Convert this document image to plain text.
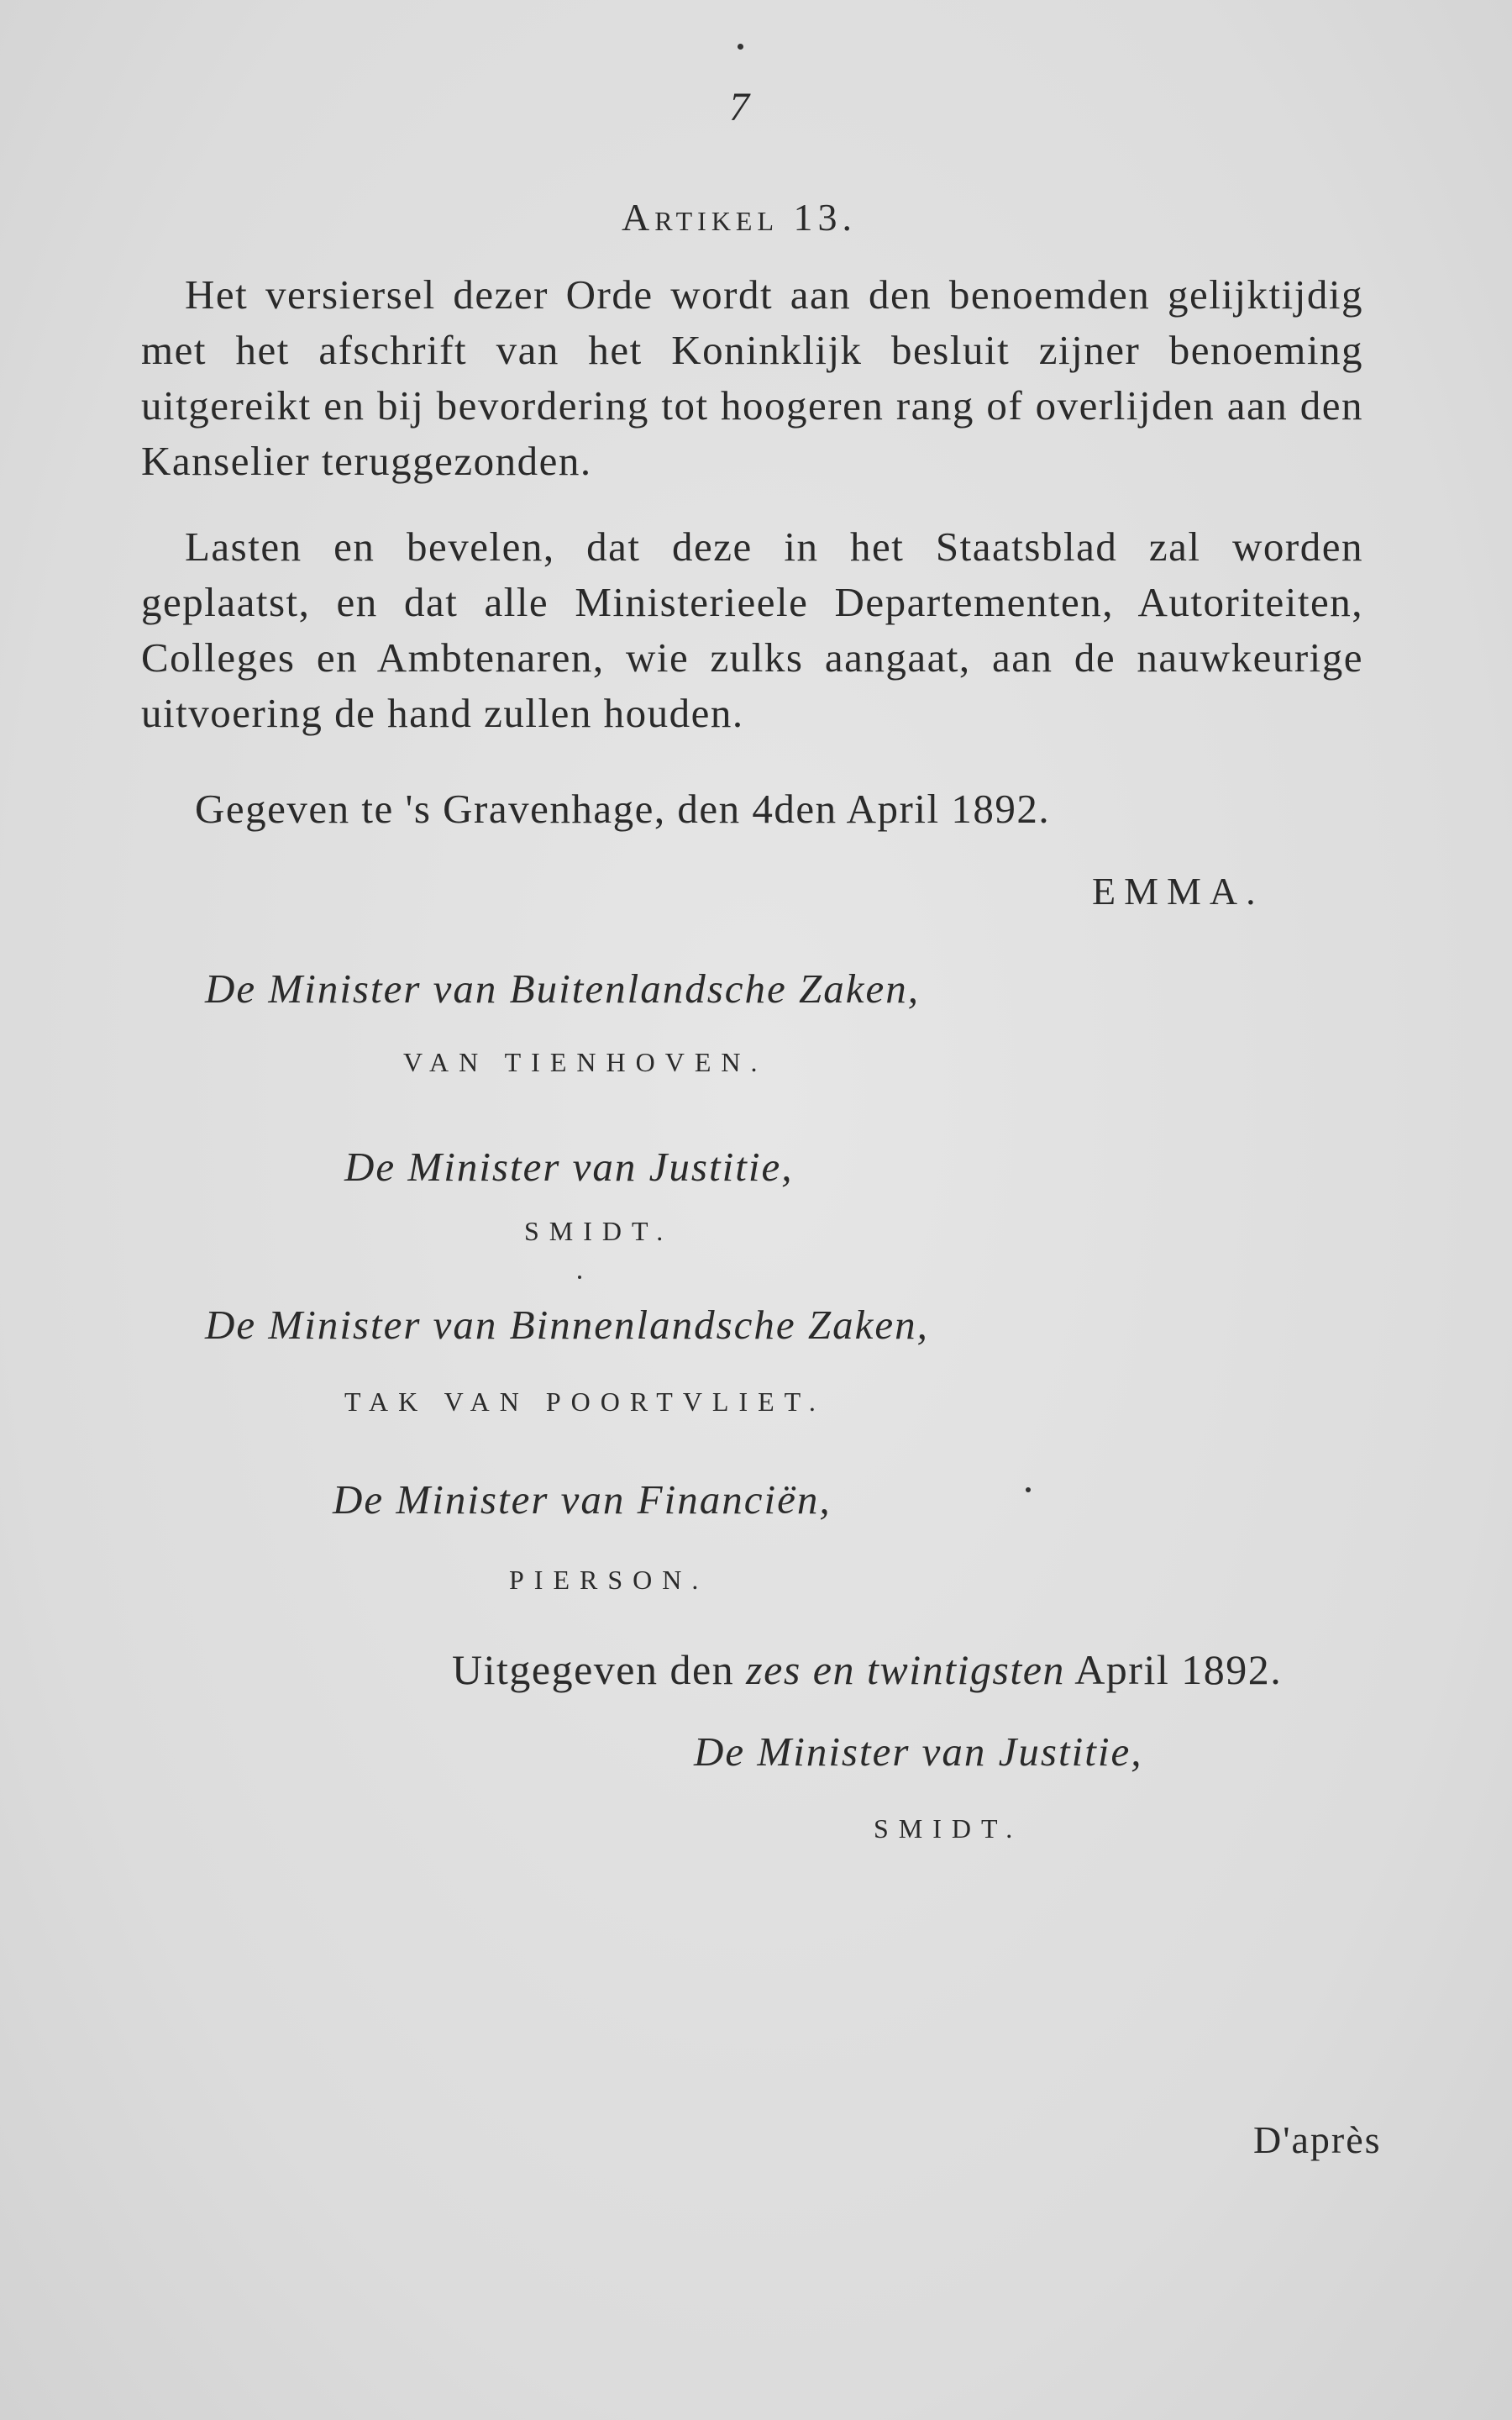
7
Artikel 13.
Het versiersel dezer Orde wordt aan den benoemden gelijktijdig met het afschrift van het Koninklijk besluit zijner benoeming uitgereikt en bij bevordering tot hoogeren rang of overlijden aan den Kanselier teruggezonden.
Lasten en bevelen, dat deze in het Staatsblad zal worden geplaatst, en dat alle Ministerieele Departementen, Autoriteiten, Colleges en Ambtenaren, wie zulks aangaat, aan de nauwkeurige uitvoering de hand zullen houden.
Gegeven te 's Gravenhage, den 4den April 1892.
EMMA.
De Minister van Buitenlandsche Zaken,
VAN TIENHOVEN.
De Minister van Justitie,
SMIDT.
De Minister van Binnenlandsche Zaken,
TAK VAN POORTVLIET.
De Minister van Financiën,
PIERSON.
Uitgegeven den zes en twintigsten April 1892.
De Minister van Justitie,
SMIDT.
D'après
